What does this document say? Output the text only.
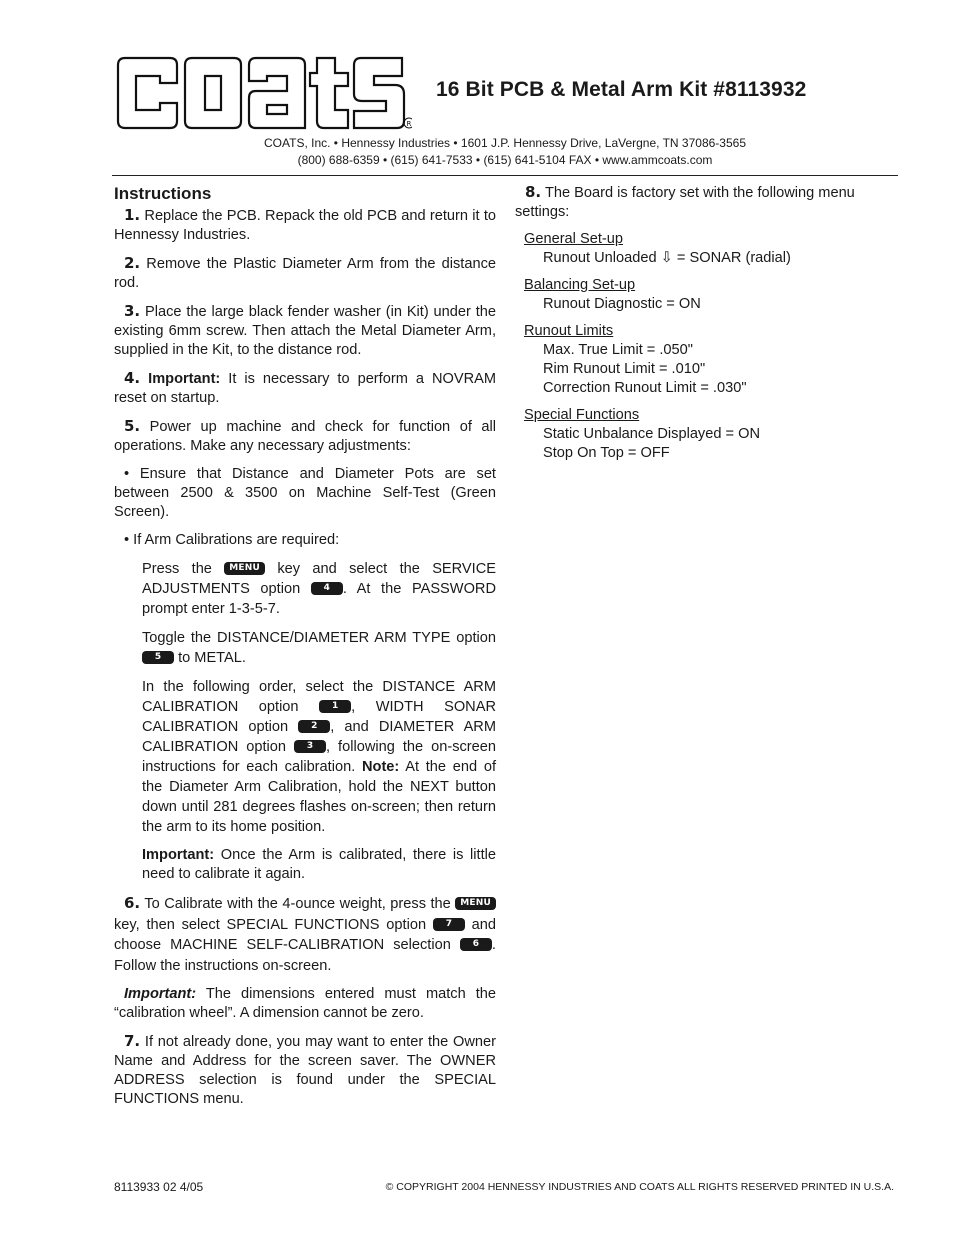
R
16 Bit PCB & Metal Arm Kit #8113932
COATS, Inc. • Hennessy Industries • 1601 J.P. Hennessy Drive, LaVergne, TN 37086-3565
(800) 688-6359 • (615) 641-7533 • (615) 641-5104 FAX • www.ammcoats.com
Instructions

1. Replace the PCB. Repack the old PCB and return it to Hennessy Industries.

2. Remove the Plastic Diameter Arm from the distance rod.

3. Place the large black fender washer (in Kit) under the existing 6mm screw. Then attach the Metal Diameter Arm, supplied in the Kit, to the distance rod.

4. Important: It is necessary to perform a NOVRAM reset on startup.

5. Power up machine and check for function of all operations. Make any necessary adjustments:

• Ensure that Distance and Diameter Pots are set between 2500 & 3500 on Machine Self-Test (Green Screen).

• If Arm Calibrations are required:

Press the MENU key and select the SERVICE ADJUSTMENTS option	4 . At the PASSWORD prompt enter 1-3-5-7.

Toggle the DISTANCE/DIAMETER ARM TYPE option 5 to METAL.

In the following order, select the DISTANCE ARM CALIBRATION option	1 , WIDTH SONAR CALIBRATION option	2 , and DIAMETER ARM CALIBRATION option 3 , following the on-screen instructions for each calibration. Note: At the end of the Diameter Arm Calibration, hold the NEXT button down until 281 degrees flashes on-screen; then return the arm to its home position.

Important: Once the Arm is calibrated, there is little need to calibrate it again.

6. To Calibrate with the 4-ounce weight, press the MENU key, then select SPECIAL FUNCTIONS option 7 and choose MACHINE SELF-CALIBRATION selection 6 . Follow the instructions on-screen.

Important: The dimensions entered must match the “calibration wheel”. A dimension cannot be zero.

7. If not already done, you may want to enter the Owner Name and Address for the screen saver. The OWNER ADDRESS selection is found under the SPECIAL FUNCTIONS menu.

8. The Board is factory set with the following menu settings:

General Set-up
Runout Unloaded ⇩ = SONAR (radial)
Balancing Set-up
Runout Diagnostic = ON
Runout Limits
Max. True Limit = .050"
Rim Runout Limit = .010"
Correction Runout Limit = .030"
Special Functions
Static Unbalance Displayed = ON
Stop On Top = OFF
8113933 02 4/05	© COPYRIGHT 2004 HENNESSY INDUSTRIES AND COATS ALL RIGHTS RESERVED PRINTED IN U.S.A.
